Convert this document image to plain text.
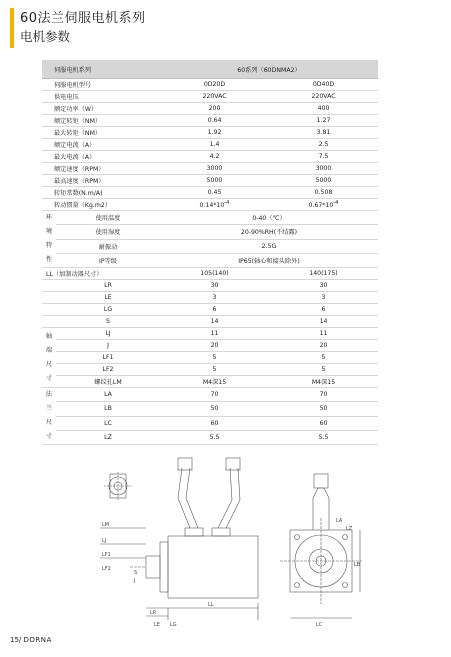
60法兰伺服电机系列
电机参数
伺服电机系列		60系列（60DNMA2）	
伺服电机型号		0D20D	0D40D
供电电压		220VAC	220VAC
额定功率（W）		200	400
额定转矩（NM）		0.64	1.27
最大转矩（NM）		1.92	3.81
额定电流（A）		1.4	2.5
最大电流（A）		4.2	7.5
额定速度（RPM）		3000	3000
最高速度（RPM）		5000	5000
转矩常数(N.m/A)		0.45	0.508
转动惯量（Kg.m2）		$0.14*10^{-4}$	$0.67*10^{-4}$

环
境
特
性	使用温度	0-40（℃）	
	使用湿度	20-90%RH(不结露)	
	耐振动	2.5G	
	IP等级	IP65(轴心和接头除外)	
LL（加制动器尺寸）		105(140)	140(175)
	LR	30	30
	LE	3	3
	LG	6	6
	S	14	14

轴
端
尺
寸	LJ	11	11
	J	20	20
	LF1	5	5
	LF2	5	5
	螺纹孔LM	M4深15	M4深15

法
兰
尺
寸	LA	70	70
	LB	50	50
	LC	60	60
	LZ	5.5	5.5
LR
LE LG
LL
LM
LJ
LF1
LF2
LC
LA
LZ
LB
S
J
15/ DORNA
